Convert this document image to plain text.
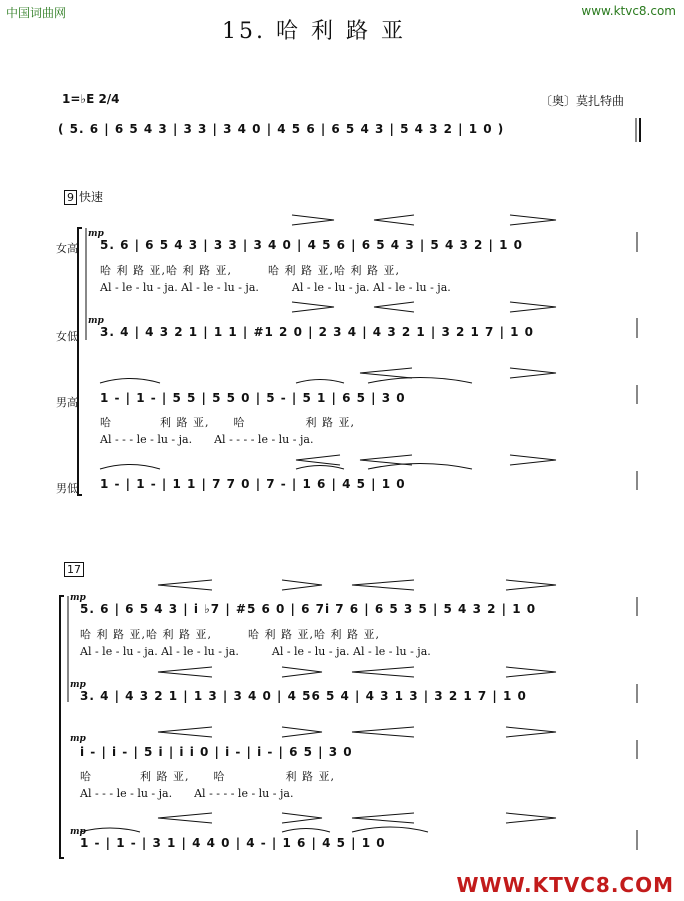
中国词曲网	www.ktvc8.com
15. 哈 利 路 亚
1=♭E 2/4	〔奥〕莫扎特曲
( 5. 6 | 6 5 4 3 | 3 3 | 3 4 0 | 4 5 6 | 6 5 4 3 | 5 4 3 2 | 1 0 )
9 快速
女高
mp
5. 6 | 6 5 4 3 | 3 3 | 3 4 0 | 4 5 6 | 6 5 4 3 | 5 4 3 2 | 1 0
哈 利 路 亚,哈 利 路 亚,　　　哈 利 路 亚,哈 利 路 亚,
Al - le - lu - ja. Al - le - lu - ja.　　　Al - le - lu - ja. Al - le - lu - ja.
女低
mp
3. 4 | 4 3 2 1 | 1 1 | #1 2 0 | 2 3 4 | 4 3 2 1 | 3 2 1 7 | 1 0
男高 1 - | 1 - | 5 5 | 5 5 0 | 5 - | 5 1 | 6 5 | 3 0
哈　　　　利 路 亚,　　哈　　　　　利 路 亚,
Al - - - le - lu - ja.　　Al - - - - le - lu - ja.
男低 1 - | 1 - | 1 1 | 7 7 0 | 7 - | 1 6 | 4 5 | 1 0
17
mp
5. 6 | 6 5 4 3 | i ♭7 | #5 6 0 | 6 7i 7 6 | 6 5 3 5 | 5 4 3 2 | 1 0
哈 利 路 亚,哈 利 路 亚,　　　哈 利 路 亚,哈 利 路 亚,
Al - le - lu - ja. Al - le - lu - ja.　　　Al - le - lu - ja. Al - le - lu - ja.
mp
3. 4 | 4 3 2 1 | 1 3 | 3 4 0 | 4 56 5 4 | 4 3 1 3 | 3 2 1 7 | 1 0
mp
i - | i - | 5 i | i i 0 | i - | i - | 6 5 | 3 0
哈　　　　利 路 亚,　　哈　　　　　利 路 亚,
Al - - - le - lu - ja.　　Al - - - - le - lu - ja.
mp
1 - | 1 - | 3 1 | 4 4 0 | 4 - | 1 6 | 4 5 | 1 0
WWW.KTVC8.COM
